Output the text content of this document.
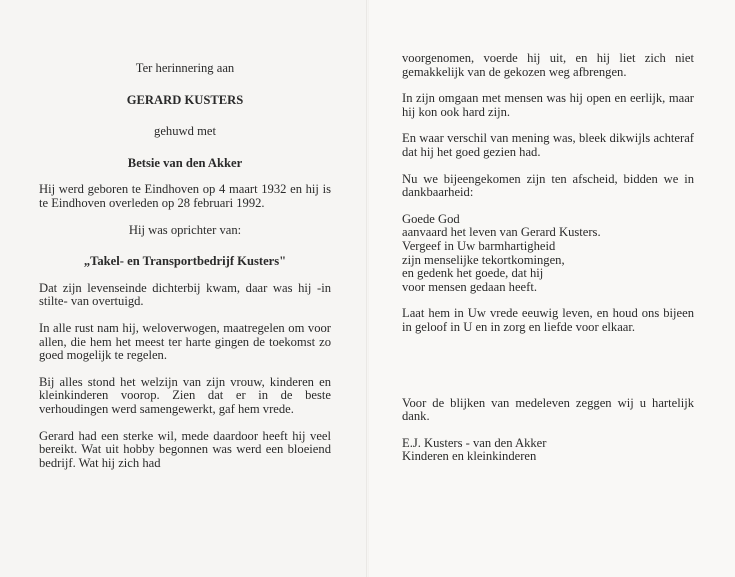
Ter herinnering aan

GERARD KUSTERS

gehuwd met

Betsie van den Akker

Hij werd geboren te Eindhoven op 4 maart 1932 en hij is te Eindhoven overleden op 28 februari 1992.

Hij was oprichter van:

„Takel- en Transportbedrijf Kusters"

Dat zijn levenseinde dichterbij kwam, daar was hij -in stilte- van overtuigd.

In alle rust nam hij, weloverwogen, maatregelen om voor allen, die hem het meest ter harte gingen de toekomst zo goed mogelijk te regelen.

Bij alles stond het welzijn van zijn vrouw, kinderen en kleinkinderen voorop. Zien dat er in de beste verhoudingen werd samengewerkt, gaf hem vrede.

Gerard had een sterke wil, mede daardoor heeft hij veel bereikt. Wat uit hobby begonnen was werd een bloeiend bedrijf. Wat hij zich had

voorgenomen, voerde hij uit, en hij liet zich niet gemakkelijk van de gekozen weg afbrengen.

In zijn omgaan met mensen was hij open en eerlijk, maar hij kon ook hard zijn.

En waar verschil van mening was, bleek dikwijls achteraf dat hij het goed gezien had.

Nu we bijeengekomen zijn ten afscheid, bidden we in dankbaarheid:

Goede God
aanvaard het leven van Gerard Kusters.
Vergeef in Uw barmhartigheid
zijn menselijke tekortkomingen,
en gedenk het goede, dat hij
voor mensen gedaan heeft.

Laat hem in Uw vrede eeuwig leven, en houd ons bijeen in geloof in U en in zorg en liefde voor elkaar.

Voor de blijken van medeleven zeggen wij u hartelijk dank.

E.J. Kusters - van den Akker
Kinderen en kleinkinderen
